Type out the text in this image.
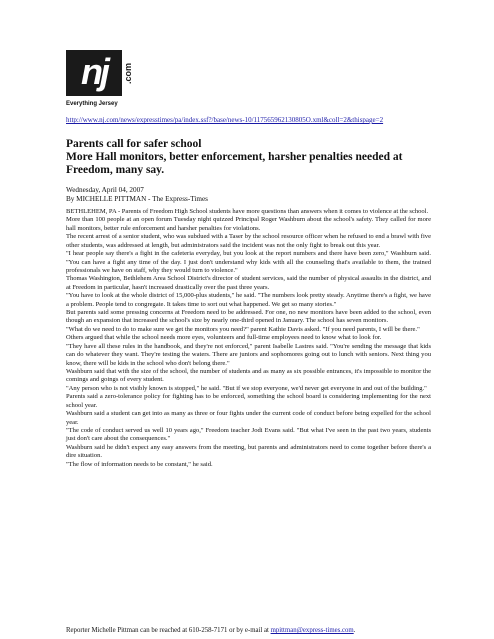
nj	.com
Everything Jersey
http://www.nj.com/news/expresstimes/pa/index.ssf?/base/news-10/117565962130805O.xml&coll=2&thispage=2
Parents call for safer school
More Hall monitors, better enforcement, harsher penalties needed at
Freedom, many say.
Wednesday, April 04, 2007
By MICHELLE PITTMAN - The Express-Times

BETHLEHEM, PA - Parents of Freedom High School students have more questions than answers when it comes to violence at the school.

More than 100 people at an open forum Tuesday night quizzed Principal Roger Washburn about the school's safety. They called for more hall monitors, better rule enforcement and harsher penalties for violations.

The recent arrest of a senior student, who was subdued with a Taser by the school resource officer when he refused to end a brawl with five other students, was addressed at length, but administrators said the incident was not the only fight to break out this year.

"I hear people say there's a fight in the cafeteria everyday, but you look at the report numbers and there have been zero," Washburn said. "You can have a fight any time of the day. I just don't understand why kids with all the counseling that's available to them, the trained professionals we have on staff, why they would turn to violence."

Thomas Washington, Bethlehem Area School District's director of student services, said the number of physical assaults in the district, and at Freedom in particular, hasn't increased drastically over the past three years.

"You have to look at the whole district of 15,000-plus students," he said. "The numbers look pretty steady. Anytime there's a fight, we have a problem. People tend to congregate. It takes time to sort out what happened. We get so many stories."

But parents said some pressing concerns at Freedom need to be addressed. For one, no new monitors have been added to the school, even though an expansion that increased the school's size by nearly one-third opened in January. The school has seven monitors.

"What do we need to do to make sure we get the monitors you need?" parent Kathie Davis asked. "If you need parents, I will be there."

Others argued that while the school needs more eyes, volunteers and full-time employees need to know what to look for.

"They have all these rules in the handbook, and they're not enforced," parent Isabelle Lastres said. "You're sending the message that kids can do whatever they want. They're testing the waters. There are juniors and sophomores going out to lunch with seniors. Next thing you know, there will be kids in the school who don't belong there."

Washburn said that with the size of the school, the number of students and as many as six possible entrances, it's impossible to monitor the comings and goings of every student.

"Any person who is not visibly known is stopped," he said. "But if we stop everyone, we'd never get everyone in and out of the building."

Parents said a zero-tolerance policy for fighting has to be enforced, something the school board is considering implementing for the next school year.

Washburn said a student can get into as many as three or four fights under the current code of conduct before being expelled for the school year.

"The code of conduct served us well 10 years ago," Freedom teacher Jodi Evans said. "But what I've seen in the past two years, students just don't care about the consequences."

Washburn said he didn't expect any easy answers from the meeting, but parents and administrators need to come together before there's a dire situation.

"The flow of information needs to be constant," he said.

Reporter Michelle Pittman can be reached at 610-258-7171 or by e-mail at mpittman@express-times.com.
